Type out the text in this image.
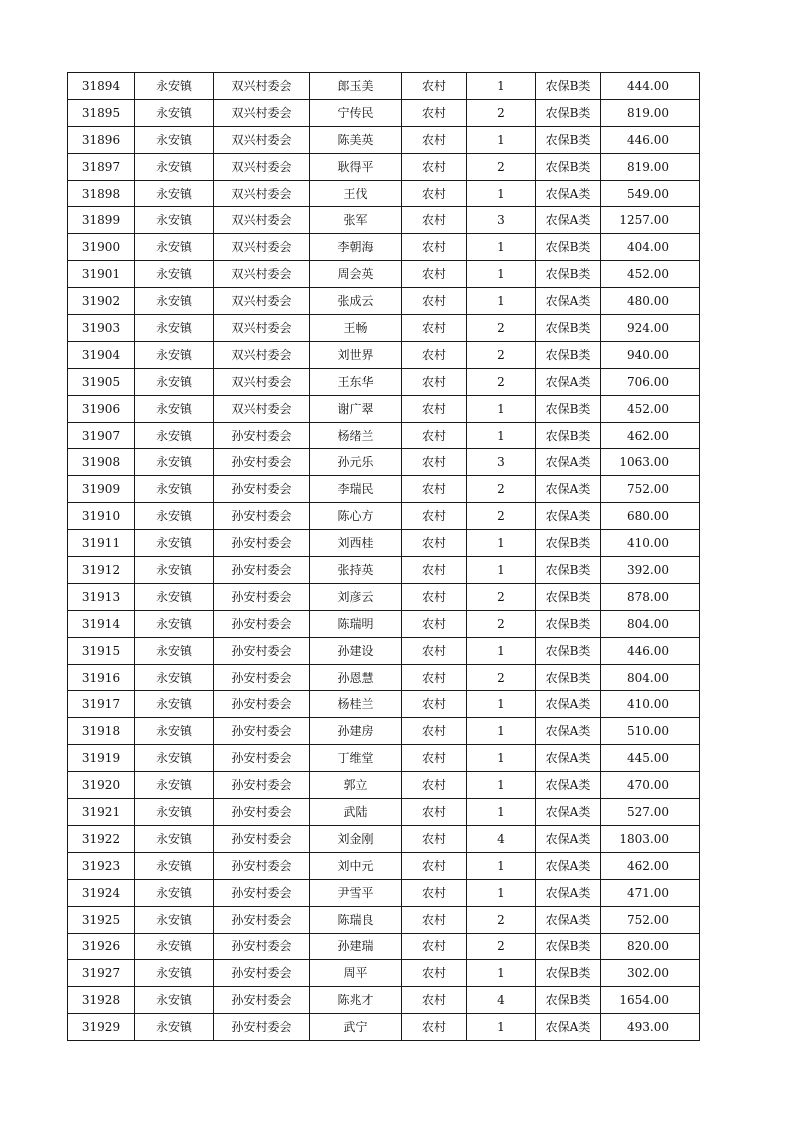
31894	永安镇	双兴村委会	郎玉美	农村	1	农保B类	444.00
31895	永安镇	双兴村委会	宁传民	农村	2	农保B类	819.00
31896	永安镇	双兴村委会	陈美英	农村	1	农保B类	446.00
31897	永安镇	双兴村委会	耿得平	农村	2	农保B类	819.00
31898	永安镇	双兴村委会	王伐	农村	1	农保A类	549.00
31899	永安镇	双兴村委会	张军	农村	3	农保A类	1257.00
31900	永安镇	双兴村委会	李朝海	农村	1	农保B类	404.00
31901	永安镇	双兴村委会	周会英	农村	1	农保B类	452.00
31902	永安镇	双兴村委会	张成云	农村	1	农保A类	480.00
31903	永安镇	双兴村委会	王畅	农村	2	农保B类	924.00
31904	永安镇	双兴村委会	刘世界	农村	2	农保B类	940.00
31905	永安镇	双兴村委会	王东华	农村	2	农保A类	706.00
31906	永安镇	双兴村委会	谢广翠	农村	1	农保B类	452.00
31907	永安镇	孙安村委会	杨绪兰	农村	1	农保B类	462.00
31908	永安镇	孙安村委会	孙元乐	农村	3	农保A类	1063.00
31909	永安镇	孙安村委会	李瑞民	农村	2	农保A类	752.00
31910	永安镇	孙安村委会	陈心方	农村	2	农保A类	680.00
31911	永安镇	孙安村委会	刘西桂	农村	1	农保B类	410.00
31912	永安镇	孙安村委会	张持英	农村	1	农保B类	392.00
31913	永安镇	孙安村委会	刘彦云	农村	2	农保B类	878.00
31914	永安镇	孙安村委会	陈瑞明	农村	2	农保B类	804.00
31915	永安镇	孙安村委会	孙建设	农村	1	农保B类	446.00
31916	永安镇	孙安村委会	孙恩慧	农村	2	农保B类	804.00
31917	永安镇	孙安村委会	杨桂兰	农村	1	农保A类	410.00
31918	永安镇	孙安村委会	孙建房	农村	1	农保A类	510.00
31919	永安镇	孙安村委会	丁维堂	农村	1	农保A类	445.00
31920	永安镇	孙安村委会	郭立	农村	1	农保A类	470.00
31921	永安镇	孙安村委会	武陆	农村	1	农保A类	527.00
31922	永安镇	孙安村委会	刘金刚	农村	4	农保A类	1803.00
31923	永安镇	孙安村委会	刘中元	农村	1	农保A类	462.00
31924	永安镇	孙安村委会	尹雪平	农村	1	农保A类	471.00
31925	永安镇	孙安村委会	陈瑞良	农村	2	农保A类	752.00
31926	永安镇	孙安村委会	孙建瑞	农村	2	农保B类	820.00
31927	永安镇	孙安村委会	周平	农村	1	农保B类	302.00
31928	永安镇	孙安村委会	陈兆才	农村	4	农保B类	1654.00
31929	永安镇	孙安村委会	武宁	农村	1	农保A类	493.00
